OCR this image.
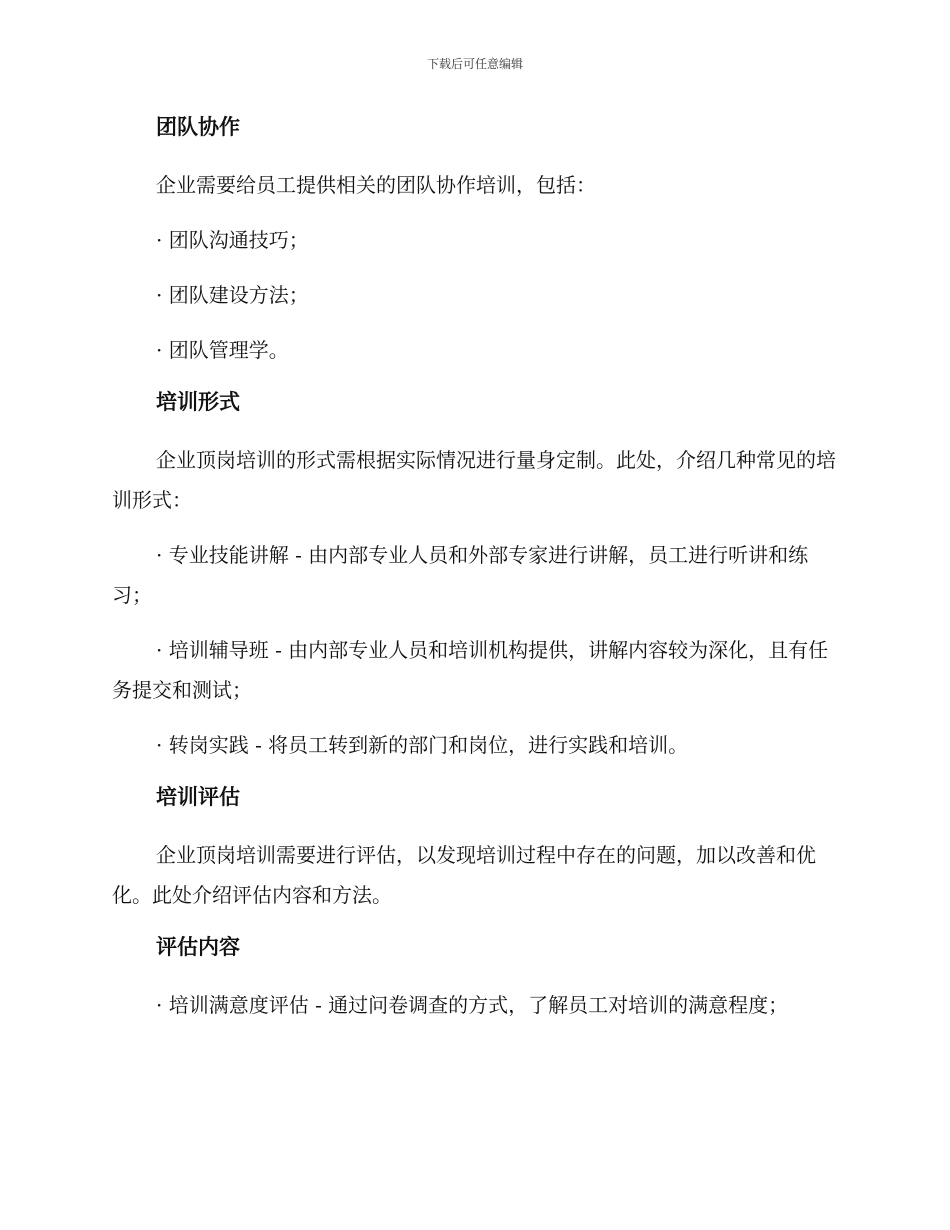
下载后可任意编辑
团队协作
企业需要给员工提供相关的团队协作培训，包括：
· 团队沟通技巧；
· 团队建设方法；
· 团队管理学。
培训形式
企业顶岗培训的形式需根据实际情况进行量身定制。此处，介绍几种常见的培训形式：
· 专业技能讲解 - 由内部专业人员和外部专家进行讲解，员工进行听讲和练习；
· 培训辅导班 - 由内部专业人员和培训机构提供，讲解内容较为深化，且有任务提交和测试；
· 转岗实践 - 将员工转到新的部门和岗位，进行实践和培训。
培训评估
企业顶岗培训需要进行评估，以发现培训过程中存在的问题，加以改善和优化。此处介绍评估内容和方法。
评估内容
· 培训满意度评估 - 通过问卷调查的方式，了解员工对培训的满意程度；
